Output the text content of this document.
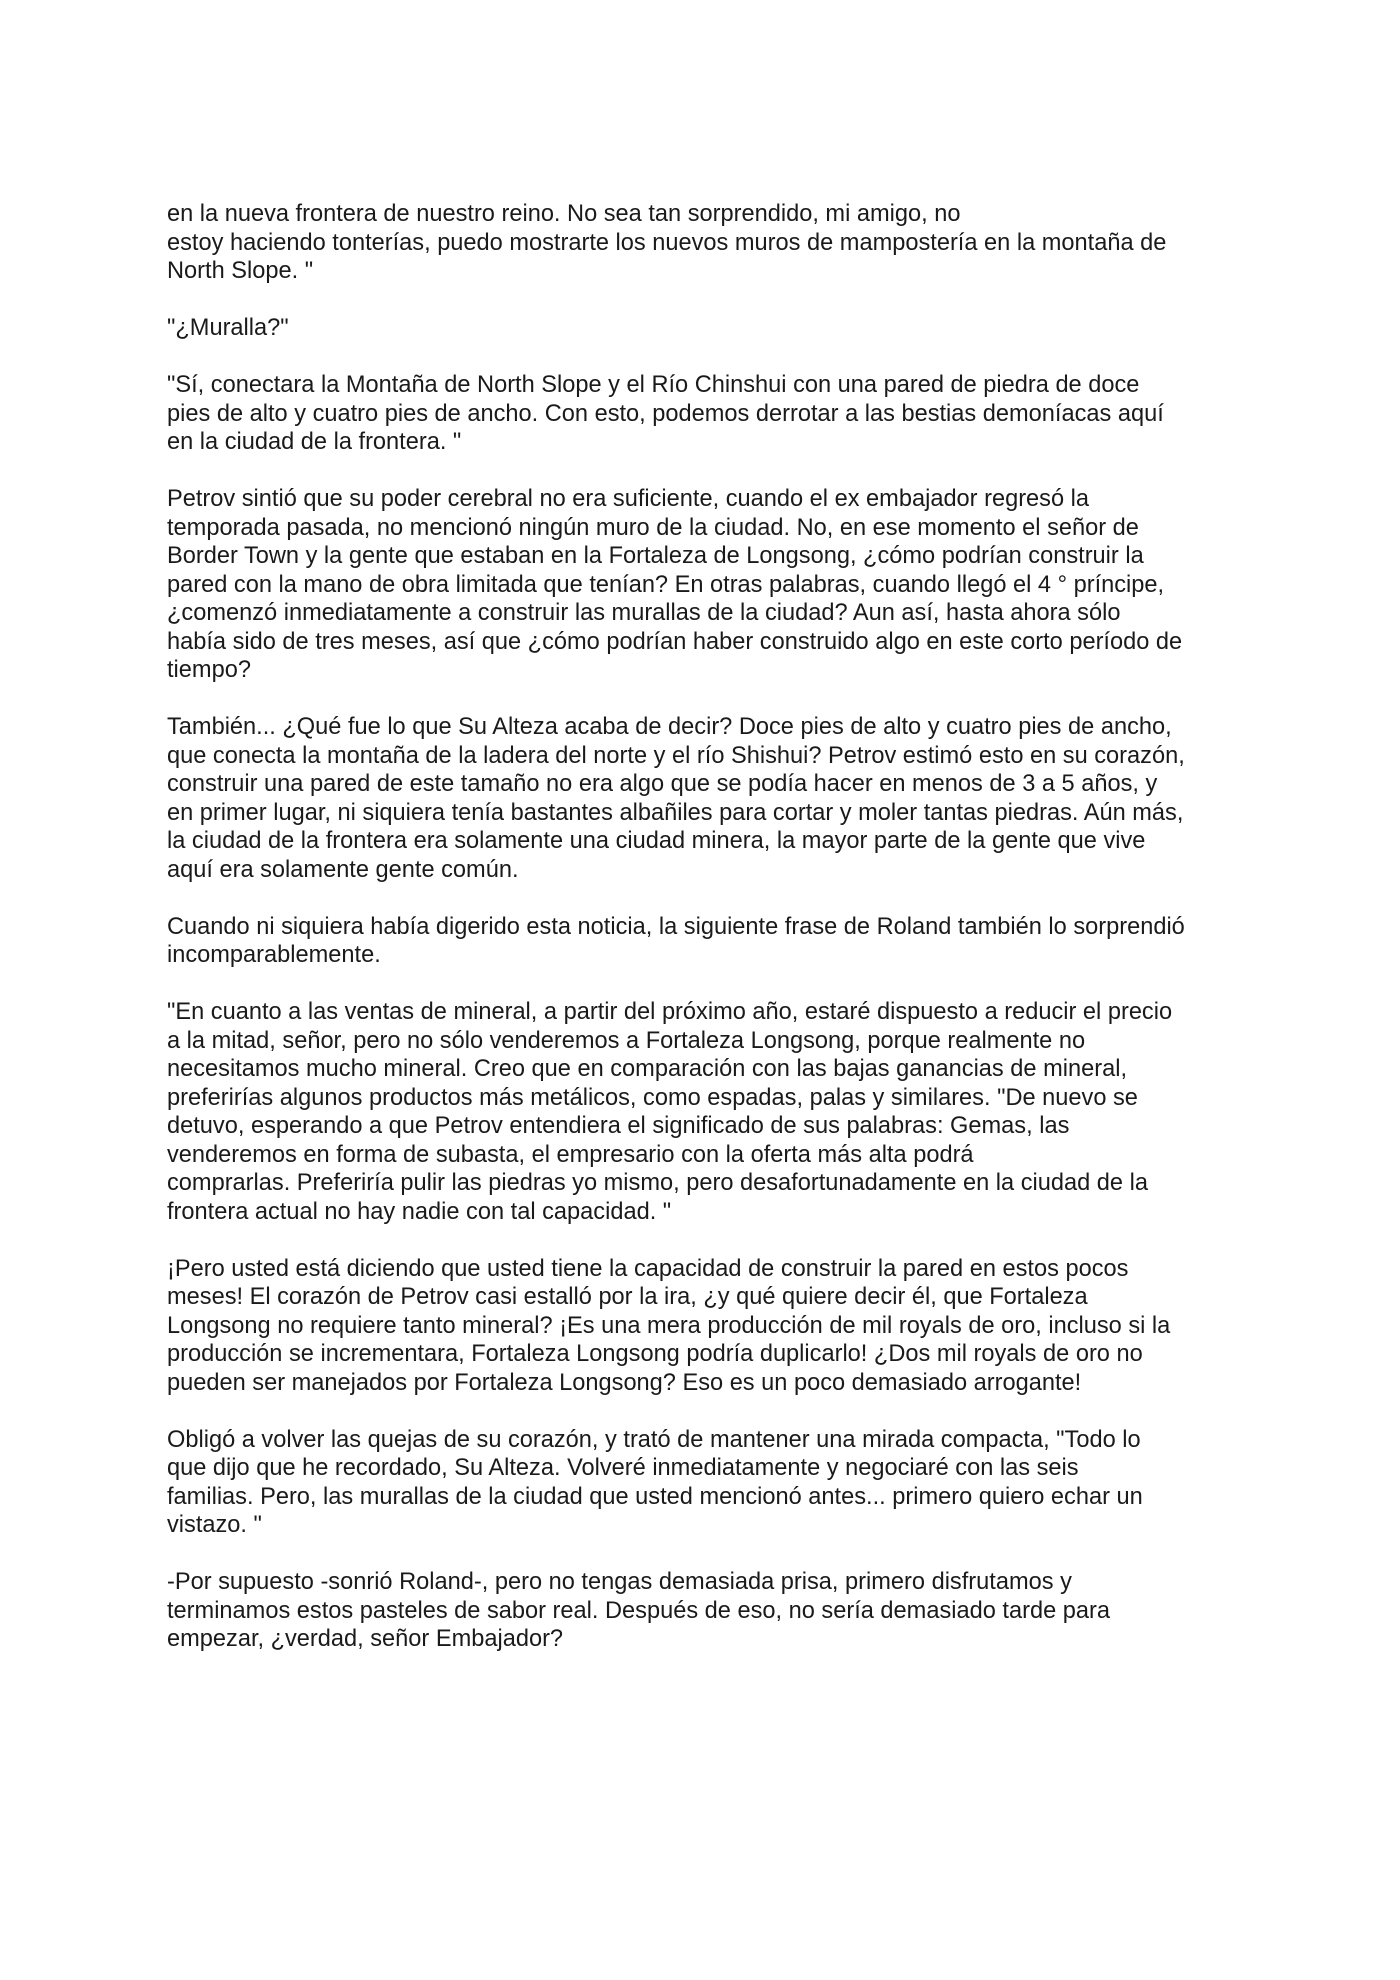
en la nueva frontera de nuestro reino. No sea tan sorprendido, mi amigo, no
estoy haciendo tonterías, puedo mostrarte los nuevos muros de mampostería en la montaña de
North Slope. "

"¿Muralla?"

"Sí, conectara la Montaña de North Slope y el Río Chinshui con una pared de piedra de doce
pies de alto y cuatro pies de ancho. Con esto, podemos derrotar a las bestias demoníacas aquí
en la ciudad de la frontera. "

Petrov sintió que su poder cerebral no era suficiente, cuando el ex embajador regresó la
temporada pasada, no mencionó ningún muro de la ciudad. No, en ese momento el señor de
Border Town y la gente que estaban en la Fortaleza de Longsong, ¿cómo podrían construir la
pared con la mano de obra limitada que tenían? En otras palabras, cuando llegó el 4 ° príncipe,
¿comenzó inmediatamente a construir las murallas de la ciudad? Aun así, hasta ahora sólo
había sido de tres meses, así que ¿cómo podrían haber construido algo en este corto período de
tiempo?

También... ¿Qué fue lo que Su Alteza acaba de decir? Doce pies de alto y cuatro pies de ancho,
que conecta la montaña de la ladera del norte y el río Shishui? Petrov estimó esto en su corazón,
construir una pared de este tamaño no era algo que se podía hacer en menos de 3 a 5 años, y
en primer lugar, ni siquiera tenía bastantes albañiles para cortar y moler tantas piedras. Aún más,
la ciudad de la frontera era solamente una ciudad minera, la mayor parte de la gente que vive
aquí era solamente gente común.

Cuando ni siquiera había digerido esta noticia, la siguiente frase de Roland también lo sorprendió
incomparablemente.

"En cuanto a las ventas de mineral, a partir del próximo año, estaré dispuesto a reducir el precio
a la mitad, señor, pero no sólo venderemos a Fortaleza Longsong, porque realmente no
necesitamos mucho mineral. Creo que en comparación con las bajas ganancias de mineral,
preferirías algunos productos más metálicos, como espadas, palas y similares. "De nuevo se
detuvo, esperando a que Petrov entendiera el significado de sus palabras: Gemas, las
venderemos en forma de subasta, el empresario con la oferta más alta podrá
comprarlas. Preferiría pulir las piedras yo mismo, pero desafortunadamente en la ciudad de la
frontera actual no hay nadie con tal capacidad. "

¡Pero usted está diciendo que usted tiene la capacidad de construir la pared en estos pocos
meses! El corazón de Petrov casi estalló por la ira, ¿y qué quiere decir él, que Fortaleza
Longsong no requiere tanto mineral? ¡Es una mera producción de mil royals de oro, incluso si la
producción se incrementara, Fortaleza Longsong podría duplicarlo! ¿Dos mil royals de oro no
pueden ser manejados por Fortaleza Longsong? Eso es un poco demasiado arrogante!

Obligó a volver las quejas de su corazón, y trató de mantener una mirada compacta, "Todo lo
que dijo que he recordado, Su Alteza. Volveré inmediatamente y negociaré con las seis
familias. Pero, las murallas de la ciudad que usted mencionó antes... primero quiero echar un
vistazo. "

-Por supuesto -sonrió Roland-, pero no tengas demasiada prisa, primero disfrutamos y
terminamos estos pasteles de sabor real. Después de eso, no sería demasiado tarde para
empezar, ¿verdad, señor Embajador?
